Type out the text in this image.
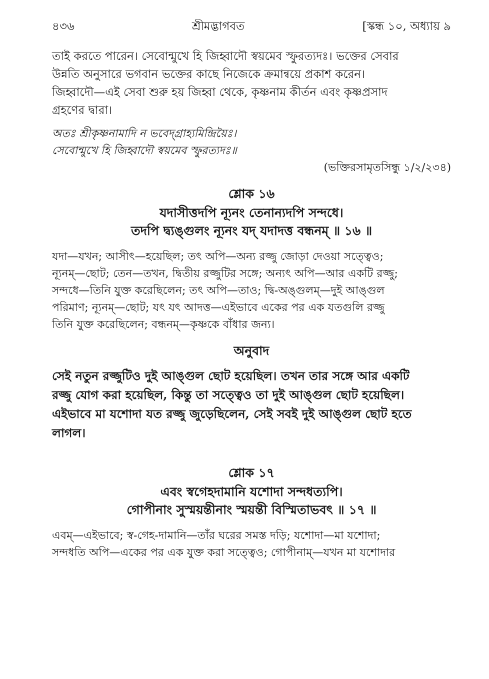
৪৩৬	শ্রীমদ্ভাগবত	[স্কন্ধ ১০, অধ্যায় ৯
তাই করতে পারেন। সেবোন্মুখে হি জিহ্বাদৌ স্বয়মেব স্ফুরত্যদঃ। ভক্তের সেবার
উন্নতি অনুসারে ভগবান ভক্তের কাছে নিজেকে ক্রমান্বয়ে প্রকাশ করেন।
জিহ্বাদৌ—এই সেবা শুরু হয় জিহ্বা থেকে, কৃষ্ণনাম কীর্তন এবং কৃষ্ণপ্রসাদ
গ্রহণের দ্বারা।
অতঃ শ্রীকৃষ্ণনামাদি ন ভবেদ্গ্রাহ্যমিন্দ্রিয়ৈঃ।
সেবোন্মুখে হি জিহ্বাদৌ স্বয়মেব স্ফুরত্যদঃ॥
(ভক্তিরসামৃতসিন্ধু ১/২/২৩৪)
শ্লোক ১৬
যদাসীত্তদপি ন্যূনং তেনান্যদপি সন্দধে।
তদপি দ্ব্যঙ্গুলং ন্যূনং যদ্ যদাদত্ত বন্ধনম্ ॥ ১৬ ॥
যদা—যখন; আসীৎ—হয়েছিল; তৎ অপি—অন্য রজ্জু জোড়া দেওয়া সত্ত্বেও;
ন্যূনম্—ছোট; তেন—তখন, দ্বিতীয় রজ্জুটির সঙ্গে; অন্যৎ অপি—আর একটি রজ্জু;
সন্দধে—তিনি যুক্ত করেছিলেন; তৎ অপি—তাও; দ্বি-অঙ্গুলম্—দুই আঙ্গুল
পরিমাণ; ন্যূনম্—ছোট; যৎ যৎ আদত্ত—এইভাবে একের পর এক যতগুলি রজ্জু
তিনি যুক্ত করেছিলেন; বন্ধনম্—কৃষ্ণকে বাঁধার জন্য।
অনুবাদ
সেই নতুন রজ্জুটিও দুই আঙ্গুল ছোট হয়েছিল। তখন তার সঙ্গে আর একটি
রজ্জু যোগ করা হয়েছিল, কিন্তু তা সত্ত্বেও তা দুই আঙ্গুল ছোট হয়েছিল।
এইভাবে মা যশোদা যত রজ্জু জুড়েছিলেন, সেই সবই দুই আঙ্গুল ছোট হতে
লাগল।
শ্লোক ১৭
এবং স্বগেহদামানি যশোদা সন্দধত্যপি।
গোপীনাং সুস্ময়ন্তীনাং স্ময়ন্তী বিস্মিতাভবৎ ॥ ১৭ ॥
এবম্—এইভাবে; স্ব-গেহ-দামানি—তাঁর ঘরের সমস্ত দড়ি; যশোদা—মা যশোদা;
সন্দধতি অপি—একের পর এক যুক্ত করা সত্ত্বেও; গোপীনাম্—যখন মা যশোদার
